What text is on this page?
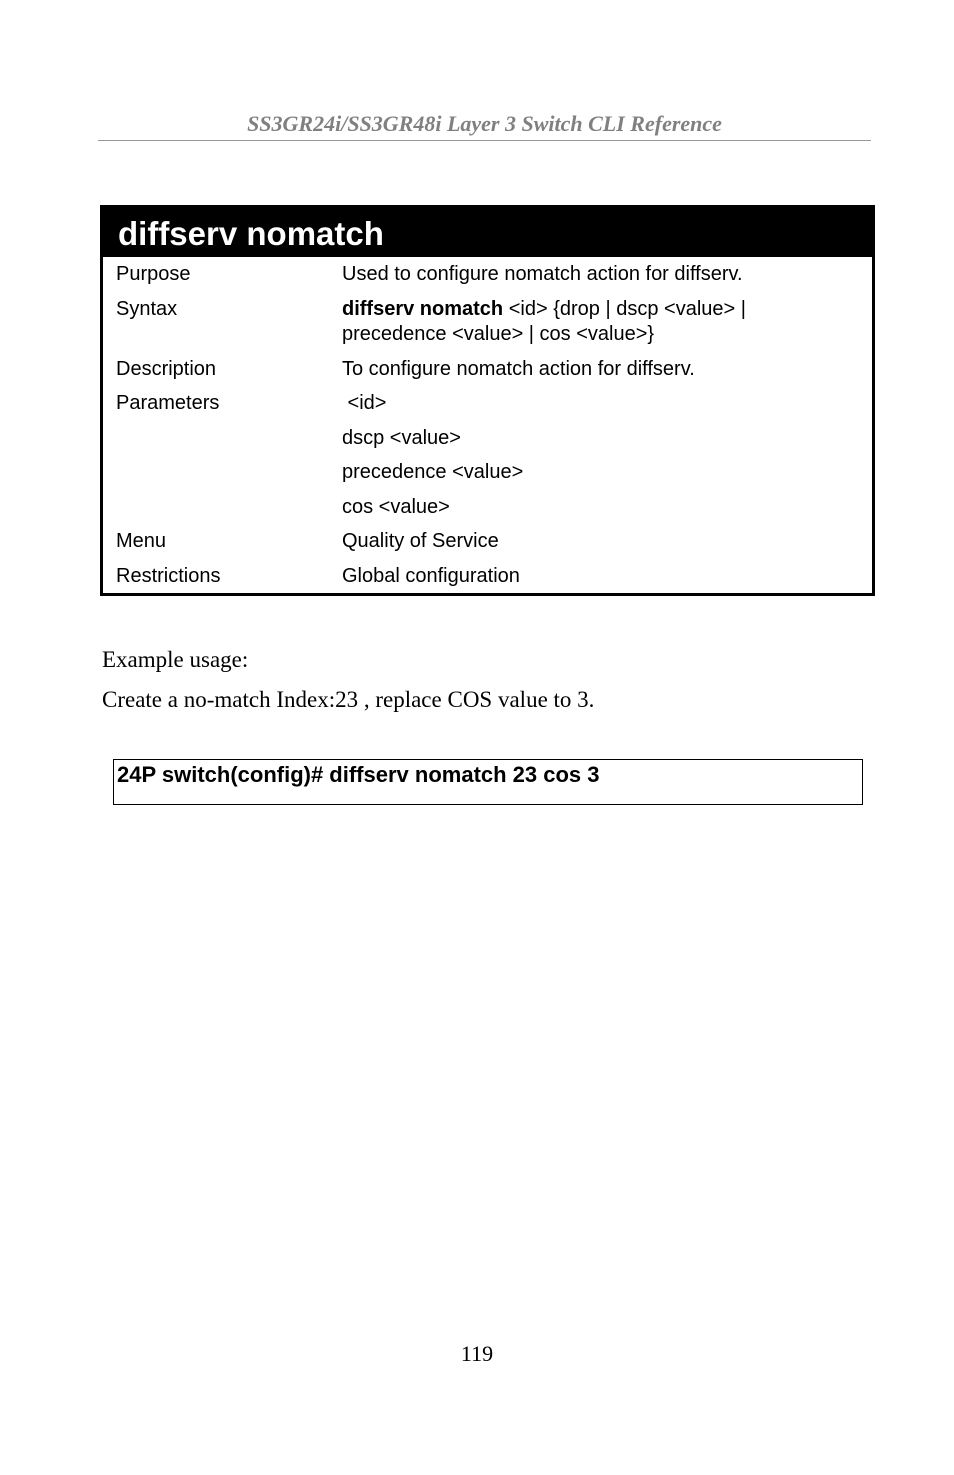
SS3GR24i/SS3GR48i Layer 3 Switch CLI Reference
diffserv nomatch
Purpose	Used to configure nomatch action for diffserv.
Syntax	diffserv nomatch <id> {drop | dscp <value> |
precedence <value> | cos <value>}
Description	To configure nomatch action for diffserv.
Parameters	<id>
dscp <value>
precedence <value>
cos <value>
Menu	Quality of Service
Restrictions	Global configuration
Example usage:
Create a no-match Index:23 , replace COS value to 3.
24P switch(config)# diffserv nomatch 23 cos 3
119
